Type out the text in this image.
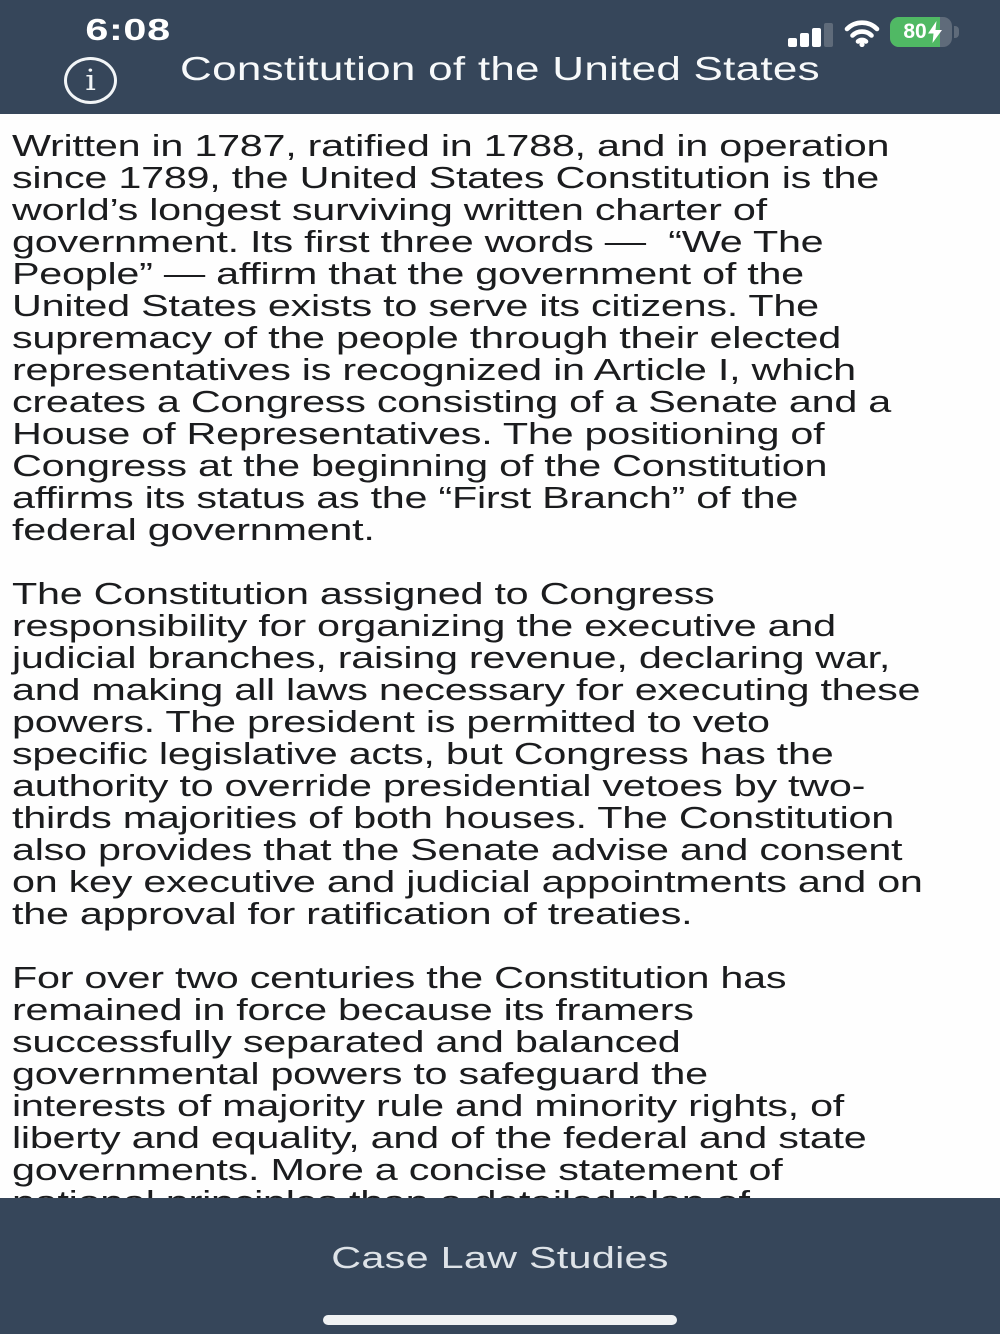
6:08	80
i	Constitution of the United States
Written in 1787, ratified in 1788, and in operation
since 1789, the United States Constitution is the
world’s longest surviving written charter of
government. Its first three words —  “We The
People” — affirm that the government of the
United States exists to serve its citizens. The
supremacy of the people through their elected
representatives is recognized in Article I, which
creates a Congress consisting of a Senate and a
House of Representatives. The positioning of
Congress at the beginning of the Constitution
affirms its status as the “First Branch” of the
federal government.
The Constitution assigned to Congress
responsibility for organizing the executive and
judicial branches, raising revenue, declaring war,
and making all laws necessary for executing these
powers. The president is permitted to veto
specific legislative acts, but Congress has the
authority to override presidential vetoes by two-
thirds majorities of both houses. The Constitution
also provides that the Senate advise and consent
on key executive and judicial appointments and on
the approval for ratification of treaties.
For over two centuries the Constitution has
remained in force because its framers
successfully separated and balanced
governmental powers to safeguard the
interests of majority rule and minority rights, of
liberty and equality, and of the federal and state
governments. More a concise statement of
Case Law Studies
